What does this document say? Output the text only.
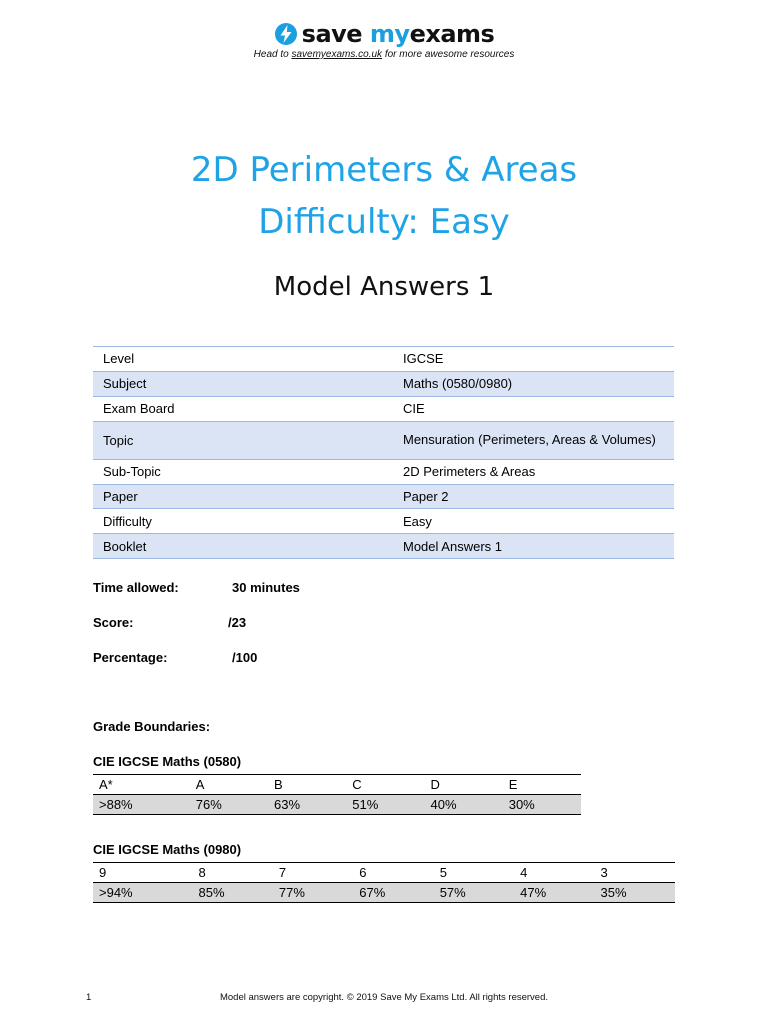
save myexams
Head to savemyexams.co.uk for more awesome resources
2D Perimeters & Areas
Difficulty: Easy
Model Answers 1
Level	IGCSE
Subject	Maths (0580/0980)
Exam Board	CIE
Topic	Mensuration (Perimeters, Areas & Volumes)
Sub-Topic	2D Perimeters & Areas
Paper	Paper 2
Difficulty	Easy
Booklet	Model Answers 1
Time allowed:	30 minutes
Score:	/23
Percentage:	/100
Grade Boundaries:
CIE IGCSE Maths (0580)
A*	A	B	C	D	E
>88%	76%	63%	51%	40%	30%
CIE IGCSE Maths (0980)
9	8	7	6	5	4	3
>94%	85%	77%	67%	57%	47%	35%
1	Model answers are copyright. © 2019 Save My Exams Ltd. All rights reserved.
